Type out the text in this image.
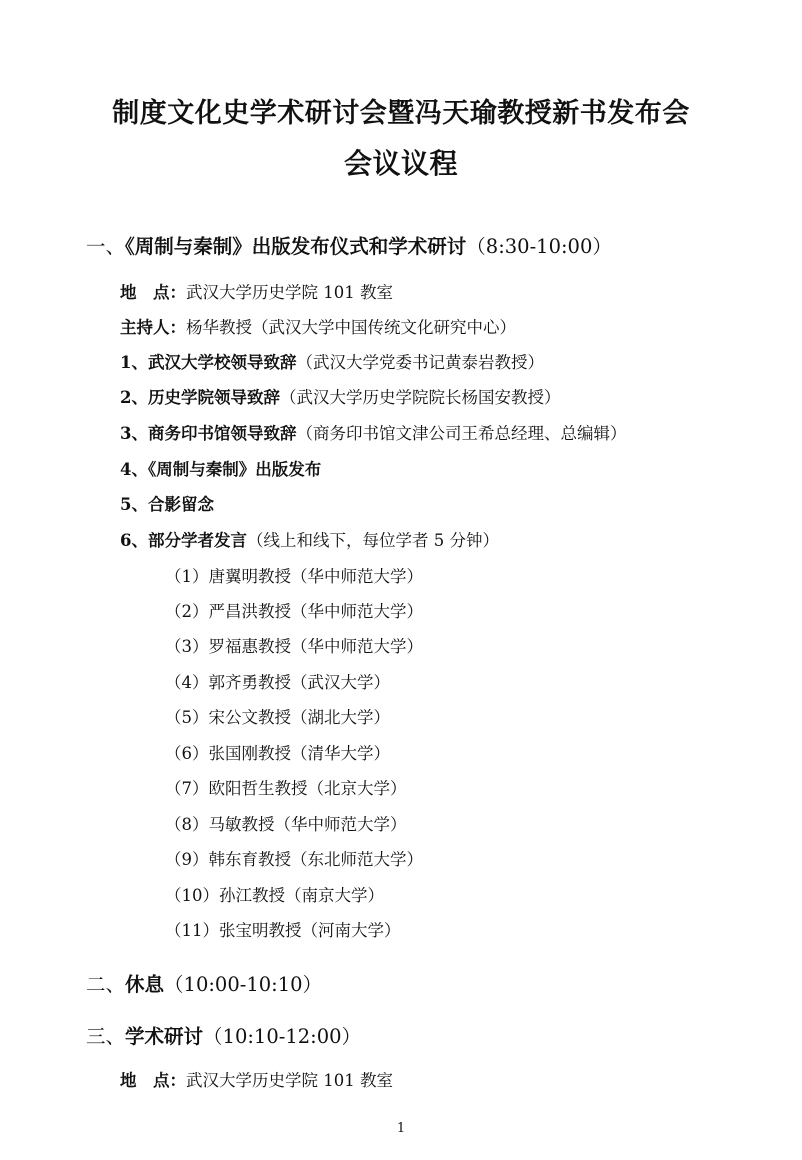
制度文化史学术研讨会暨冯天瑜教授新书发布会
会议议程
一、《周制与秦制》出版发布仪式和学术研讨（8:30-10:00）
地　点：武汉大学历史学院 101 教室
主持人：杨华教授（武汉大学中国传统文化研究中心）
1、武汉大学校领导致辞（武汉大学党委书记黄泰岩教授）
2、历史学院领导致辞（武汉大学历史学院院长杨国安教授）
3、商务印书馆领导致辞（商务印书馆文津公司王希总经理、总编辑）
4、《周制与秦制》出版发布
5、合影留念
6、部分学者发言（线上和线下，每位学者 5 分钟）
（1）唐翼明教授（华中师范大学）
（2）严昌洪教授（华中师范大学）
（3）罗福惠教授（华中师范大学）
（4）郭齐勇教授（武汉大学）
（5）宋公文教授（湖北大学）
（6）张国刚教授（清华大学）
（7）欧阳哲生教授（北京大学）
（8）马敏教授（华中师范大学）
（9）韩东育教授（东北师范大学）
（10）孙江教授（南京大学）
（11）张宝明教授（河南大学）
二、休息（10:00-10:10）
三、学术研讨（10:10-12:00）
地　点：武汉大学历史学院 101 教室
1
